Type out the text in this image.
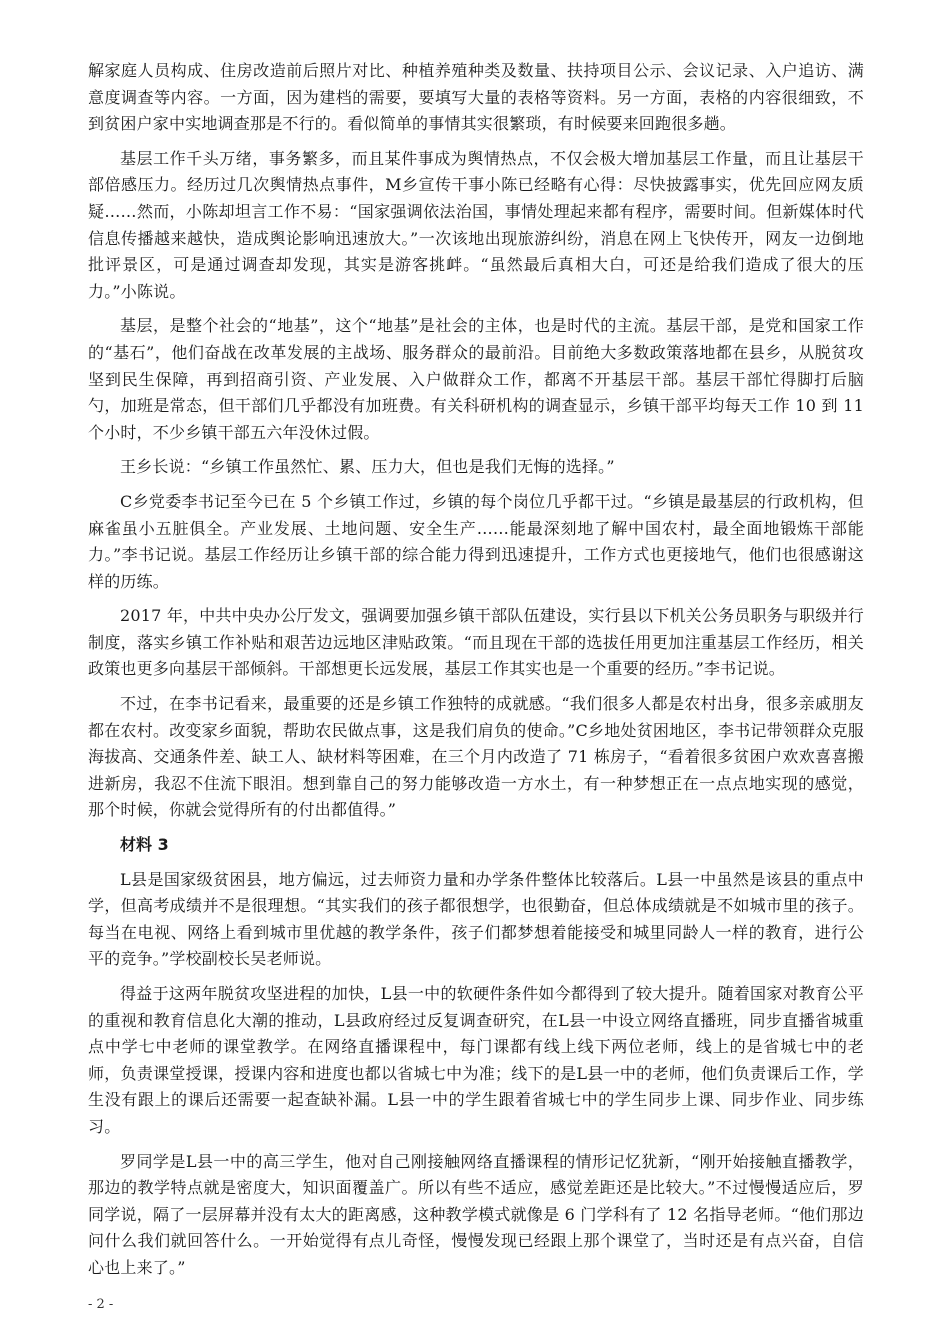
解家庭人员构成、住房改造前后照片对比、种植养殖种类及数量、扶持项目公示、会议记录、入户追访、满意度调查等内容。一方面，因为建档的需要，要填写大量的表格等资料。另一方面，表格的内容很细致，不到贫困户家中实地调查那是不行的。看似简单的事情其实很繁琐，有时候要来回跑很多趟。

基层工作千头万绪，事务繁多，而且某件事成为舆情热点，不仅会极大增加基层工作量，而且让基层干部倍感压力。经历过几次舆情热点事件，M乡宣传干事小陈已经略有心得：尽快披露事实，优先回应网友质疑……然而，小陈却坦言工作不易：“国家强调依法治国，事情处理起来都有程序，需要时间。但新媒体时代信息传播越来越快，造成舆论影响迅速放大。”一次该地出现旅游纠纷，消息在网上飞快传开，网友一边倒地批评景区，可是通过调查却发现，其实是游客挑衅。“虽然最后真相大白，可还是给我们造成了很大的压力。”小陈说。

基层，是整个社会的“地基”，这个“地基”是社会的主体，也是时代的主流。基层干部，是党和国家工作的“基石”，他们奋战在改革发展的主战场、服务群众的最前沿。目前绝大多数政策落地都在县乡，从脱贫攻坚到民生保障，再到招商引资、产业发展、入户做群众工作，都离不开基层干部。基层干部忙得脚打后脑勺，加班是常态，但干部们几乎都没有加班费。有关科研机构的调查显示，乡镇干部平均每天工作 10 到 11 个小时，不少乡镇干部五六年没休过假。

王乡长说：“乡镇工作虽然忙、累、压力大，但也是我们无悔的选择。”

C乡党委李书记至今已在 5 个乡镇工作过，乡镇的每个岗位几乎都干过。“乡镇是最基层的行政机构，但麻雀虽小五脏俱全。产业发展、土地问题、安全生产……能最深刻地了解中国农村，最全面地锻炼干部能力。”李书记说。基层工作经历让乡镇干部的综合能力得到迅速提升，工作方式也更接地气，他们也很感谢这样的历练。

2017 年，中共中央办公厅发文，强调要加强乡镇干部队伍建设，实行县以下机关公务员职务与职级并行制度，落实乡镇工作补贴和艰苦边远地区津贴政策。“而且现在干部的选拔任用更加注重基层工作经历，相关政策也更多向基层干部倾斜。干部想更长远发展，基层工作其实也是一个重要的经历。”李书记说。

不过，在李书记看来，最重要的还是乡镇工作独特的成就感。“我们很多人都是农村出身，很多亲戚朋友都在农村。改变家乡面貌，帮助农民做点事，这是我们肩负的使命。”C乡地处贫困地区，李书记带领群众克服海拔高、交通条件差、缺工人、缺材料等困难，在三个月内改造了 71 栋房子，“看着很多贫困户欢欢喜喜搬进新房，我忍不住流下眼泪。想到靠自己的努力能够改造一方水土，有一种梦想正在一点点地实现的感觉，那个时候，你就会觉得所有的付出都值得。”

材料 3

L县是国家级贫困县，地方偏远，过去师资力量和办学条件整体比较落后。L县一中虽然是该县的重点中学，但高考成绩并不是很理想。“其实我们的孩子都很想学，也很勤奋，但总体成绩就是不如城市里的孩子。每当在电视、网络上看到城市里优越的教学条件，孩子们都梦想着能接受和城里同龄人一样的教育，进行公平的竞争。”学校副校长吴老师说。

得益于这两年脱贫攻坚进程的加快，L县一中的软硬件条件如今都得到了较大提升。随着国家对教育公平的重视和教育信息化大潮的推动，L县政府经过反复调查研究，在L县一中设立网络直播班，同步直播省城重点中学七中老师的课堂教学。在网络直播课程中，每门课都有线上线下两位老师，线上的是省城七中的老师，负责课堂授课，授课内容和进度也都以省城七中为准；线下的是L县一中的老师，他们负责课后工作，学生没有跟上的课后还需要一起查缺补漏。L县一中的学生跟着省城七中的学生同步上课、同步作业、同步练习。

罗同学是L县一中的高三学生，他对自己刚接触网络直播课程的情形记忆犹新，“刚开始接触直播教学，那边的教学特点就是密度大，知识面覆盖广。所以有些不适应，感觉差距还是比较大。”不过慢慢适应后，罗同学说，隔了一层屏幕并没有太大的距离感，这种教学模式就像是 6 门学科有了 12 名指导老师。“他们那边问什么我们就回答什么。一开始觉得有点儿奇怪，慢慢发现已经跟上那个课堂了，当时还是有点兴奋，自信心也上来了。”

- 2 -
